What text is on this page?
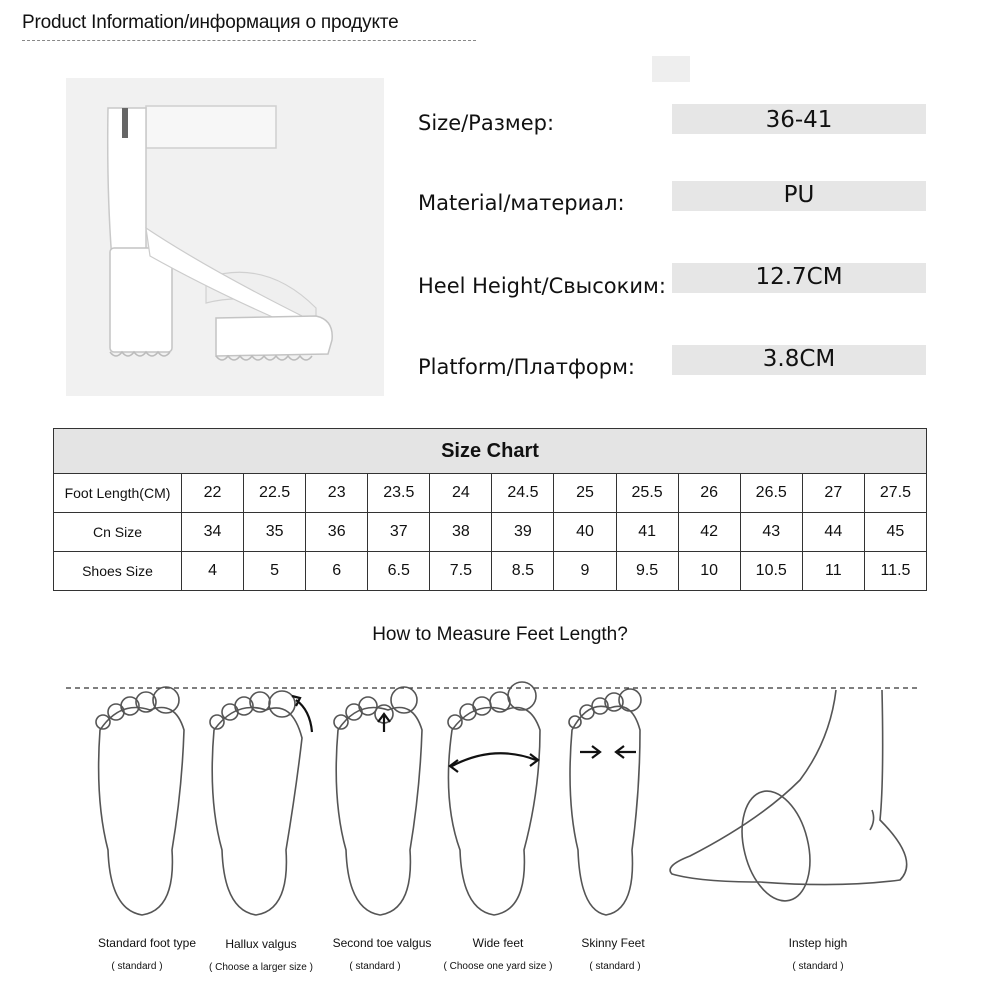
Product Information/информация о продукте
Size/Размер:	36-41
Material/материал:	PU
Heel Height/Свысоким:	12.7CM
Platform/Платформ:	3.8CM
Size Chart												
Foot Length(CM)	22	22.5	23	23.5	24	24.5	25	25.5	26	26.5	27	27.5
Cn Size	34	35	36	37	38	39	40	41	42	43	44	45
Shoes Size	4	5	6	6.5	7.5	8.5	9	9.5	10	10.5	11	11.5
How to Measure Feet Length?
Standard foot type
( standard )
Hallux valgus
( Choose a larger size )
Second toe valgus
( standard )
Wide feet
( Choose one yard size )
Skinny Feet
( standard )
Instep high
( standard )
